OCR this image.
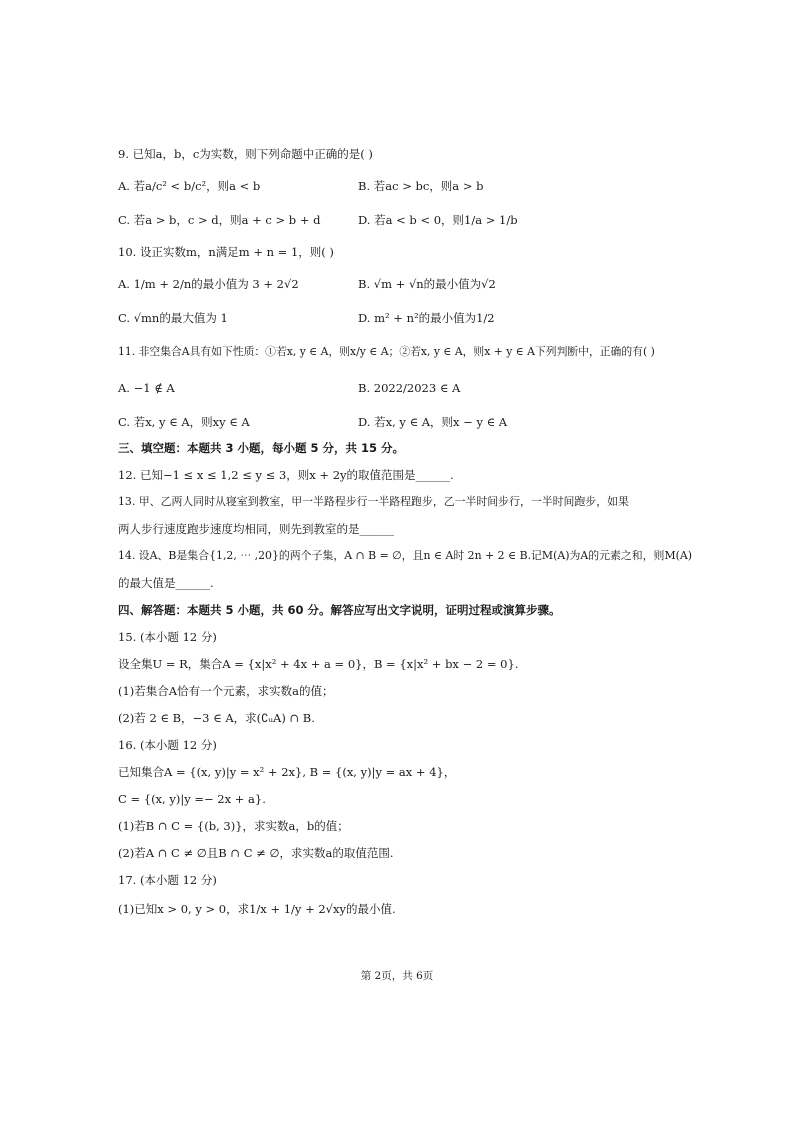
9. 已知a，b，c为实数，则下列命题中正确的是( )
A. 若a/c² < b/c²，则a < b	B. 若ac > bc，则a > b
C. 若a > b，c > d，则a + c > b + d	D. 若a < b < 0，则1/a > 1/b
10. 设正实数m，n满足m + n = 1，则( )
A. 1/m + 2/n的最小值为 3 + 2√2	B. √m + √n的最小值为√2
C. √mn的最大值为 1	D. m² + n²的最小值为1/2
11. 非空集合A具有如下性质：①若x, y ∈ A，则x/y ∈ A；②若x, y ∈ A，则x + y ∈ A下列判断中，正确的有( )
A. −1 ∉ A	B. 2022/2023 ∈ A
C. 若x, y ∈ A，则xy ∈ A	D. 若x, y ∈ A，则x − y ∈ A
三、填空题：本题共 3 小题，每小题 5 分，共 15 分。
12. 已知−1 ≤ x ≤ 1,2 ≤ y ≤ 3，则x + 2y的取值范围是______.
13. 甲、乙两人同时从寝室到教室，甲一半路程步行一半路程跑步，乙一半时间步行，一半时间跑步，如果
两人步行速度跑步速度均相同，则先到教室的是______
14. 设A、B是集合{1,2, ⋯ ,20}的两个子集，A ∩ B = ∅，且n ∈ A时 2n + 2 ∈ B.记M(A)为A的元素之和，则M(A)
的最大值是______.
四、解答题：本题共 5 小题，共 60 分。解答应写出文字说明，证明过程或演算步骤。
15. (本小题 12 分)
设全集U = R，集合A = {x|x² + 4x + a = 0}，B = {x|x² + bx − 2 = 0}.
(1)若集合A恰有一个元素，求实数a的值；
(2)若 2 ∈ B，−3 ∈ A，求(∁ᵤA) ∩ B.
16. (本小题 12 分)
已知集合A = {(x, y)|y = x² + 2x}, B = {(x, y)|y = ax + 4}，
C = {(x, y)|y =− 2x + a}.
(1)若B ∩ C = {(b, 3)}，求实数a，b的值；
(2)若A ∩ C ≠ ∅且B ∩ C ≠ ∅，求实数a的取值范围.
17. (本小题 12 分)
(1)已知x > 0, y > 0，求1/x + 1/y + 2√xy的最小值.
第 2页，共 6页
